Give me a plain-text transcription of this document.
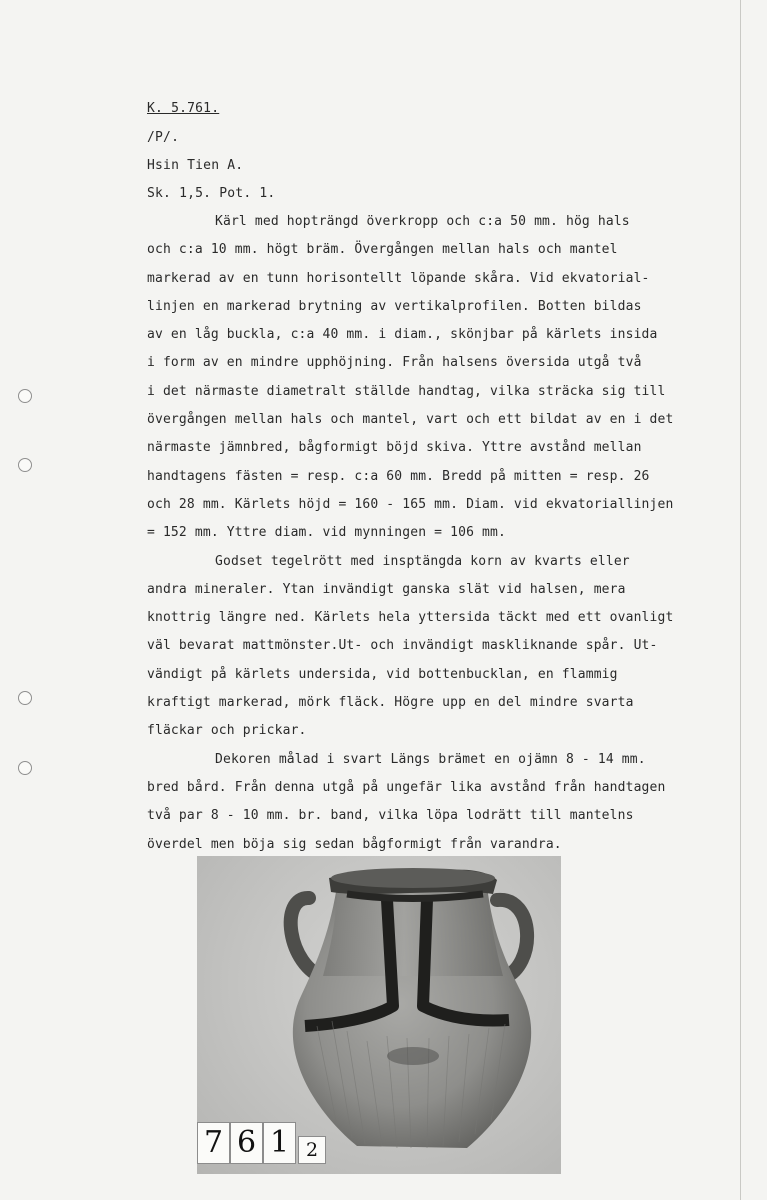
K. 5.761.
/P/.
Hsin Tien A.
Sk. 1,5. Pot. 1.
Kärl med hopträngd överkropp och c:a 50 mm. hög hals
och c:a 10 mm. högt bräm. Övergången mellan hals och mantel
markerad av en tunn horisontellt löpande skåra. Vid ekvatorial-
linjen en markerad brytning av vertikalprofilen. Botten bildas
av en låg buckla, c:a 40 mm. i diam., skönjbar på kärlets insida
i form av en mindre upphöjning. Från halsens översida utgå två
i det närmaste diametralt ställde handtag, vilka sträcka sig till
övergången mellan hals och mantel, vart och ett bildat av en i det
närmaste jämnbred, bågformigt böjd skiva. Yttre avstånd mellan
handtagens fästen = resp. c:a 60 mm. Bredd på mitten = resp. 26
och 28 mm. Kärlets höjd = 160 - 165 mm. Diam. vid ekvatoriallinjen
= 152 mm. Yttre diam. vid mynningen = 106 mm.
Godset tegelrött med insptängda korn av kvarts eller
andra mineraler. Ytan invändigt ganska slät vid halsen, mera
knottrig längre ned. Kärlets hela yttersida täckt med ett ovanligt
väl bevarat mattmönster.Ut- och invändigt maskliknande spår. Ut-
vändigt på kärlets undersida, vid bottenbucklan, en flammig
kraftigt markerad, mörk fläck. Högre upp en del mindre svarta
fläckar och prickar.
Dekoren målad i svart Längs brämet en ojämn 8 - 14 mm.
bred bård. Från denna utgå på ungefär lika avstånd från handtagen
två par 8 - 10 mm. br. band, vilka löpa lodrätt till mantelns
överdel men böja sig sedan bågformigt från varandra.
7 6 1 2
